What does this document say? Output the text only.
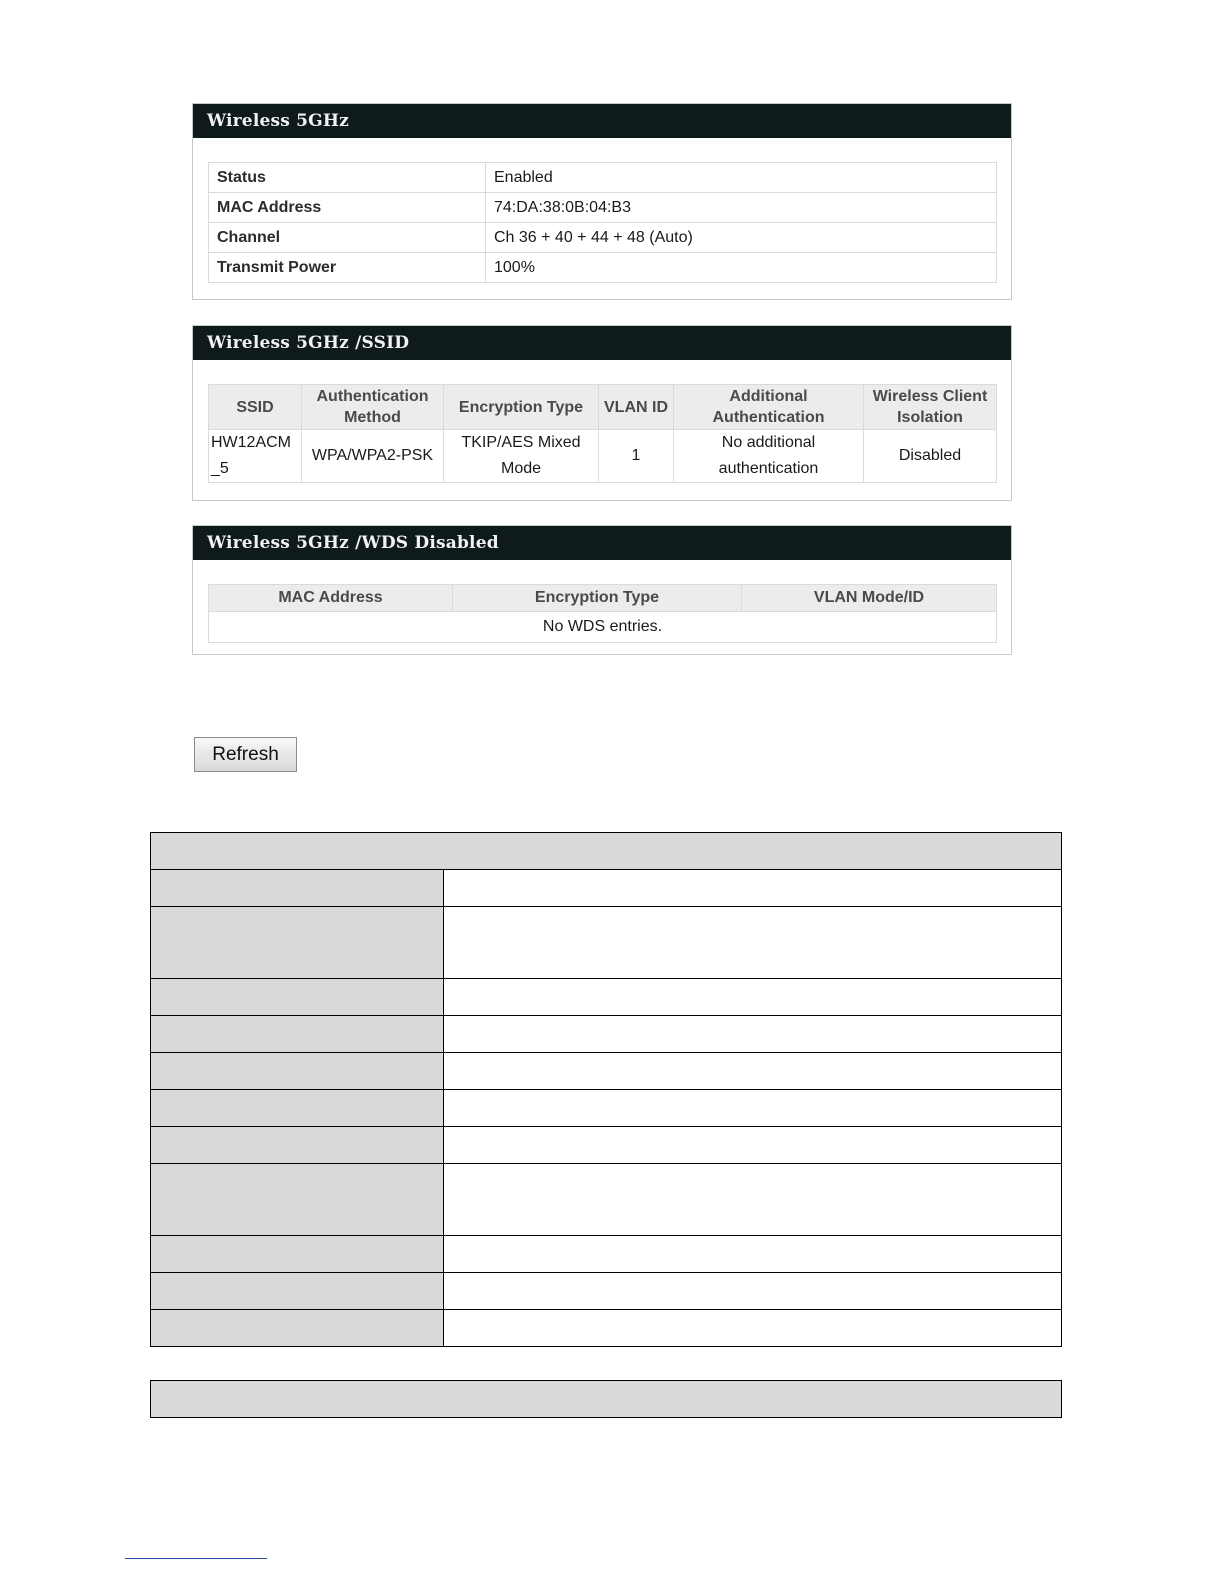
Wireless 5GHz
Status	Enabled
MAC Address	74:DA:38:0B:04:B3
Channel	Ch 36 + 40 + 44 + 48 (Auto)
Transmit Power	100%
Wireless 5GHz /SSID
SSID	Authentication Method	Encryption Type	VLAN ID	Additional Authentication	Wireless Client Isolation
HW12ACM_5	WPA/WPA2-PSK	TKIP/AES Mixed Mode	1	No additional authentication	Disabled
Wireless 5GHz /WDS Disabled
MAC Address	Encryption Type	VLAN Mode/ID
No WDS entries.
Refresh
